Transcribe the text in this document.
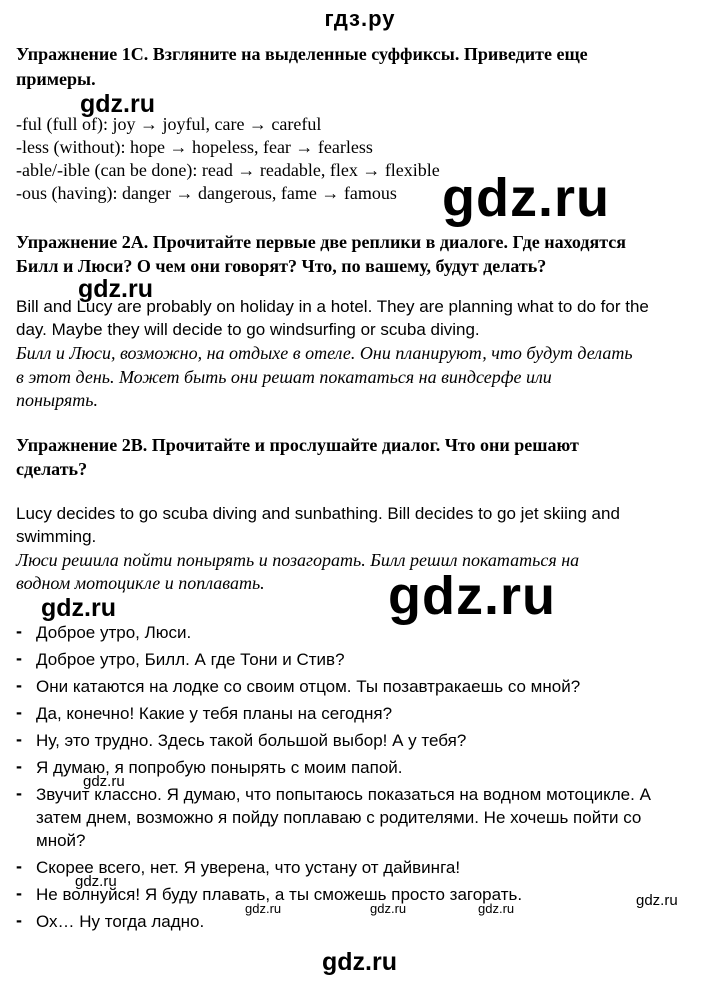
гдз.ру
Упражнение 1C. Взгляните на выделенные суффиксы. Приведите еще
примеры.
-ful (full of): joy → joyful, care → careful
-less (without): hope → hopeless, fear → fearless
-able/-ible (can be done): read → readable, flex → flexible
-ous (having): danger → dangerous, fame → famous
Упражнение 2A. Прочитайте первые две реплики в диалоге. Где находятся
Билл и Люси? О чем они говорят? Что, по вашему, будут делать?
Bill and Lucy are probably on holiday in a hotel. They are planning what to do for the
day. Maybe they will decide to go windsurfing or scuba diving.
Билл и Люси, возможно, на отдыхе в отеле. Они планируют, что будут делать
в этот день. Может быть они решат покататься на виндсерфе или
понырять.
Упражнение 2B. Прочитайте и прослушайте диалог. Что они решают
сделать?
Lucy decides to go scuba diving and sunbathing. Bill decides to go jet skiing and
swimming.
Люси решила пойти понырять и позагорать. Билл решил покататься на
водном мотоцикле и поплавать.
- Доброе утро, Люси.
- Доброе утро, Билл. А где Тони и Стив?
- Они катаются на лодке со своим отцом. Ты позавтракаешь со мной?
- Да, конечно! Какие у тебя планы на сегодня?
- Ну, это трудно. Здесь такой большой выбор! А у тебя?
- Я думаю, я попробую понырять с моим папой.
- Звучит классно. Я думаю, что попытаюсь показаться на водном мотоцикле. А
затем днем, возможно я пойду поплаваю с родителями. Не хочешь пойти со
мной?
- Скорее всего, нет. Я уверена, что устану от дайвинга!
- Не волнуйся! Я буду плавать, а ты сможешь просто загорать.
- Ох… Ну тогда ладно.
gdz.ru
gdz.ru
gdz.ru
gdz.ru
gdz.ru
gdz.ru
gdz.ru
gdz.ru	gdz.ru	gdz.ru	gdz.ru
gdz.ru
